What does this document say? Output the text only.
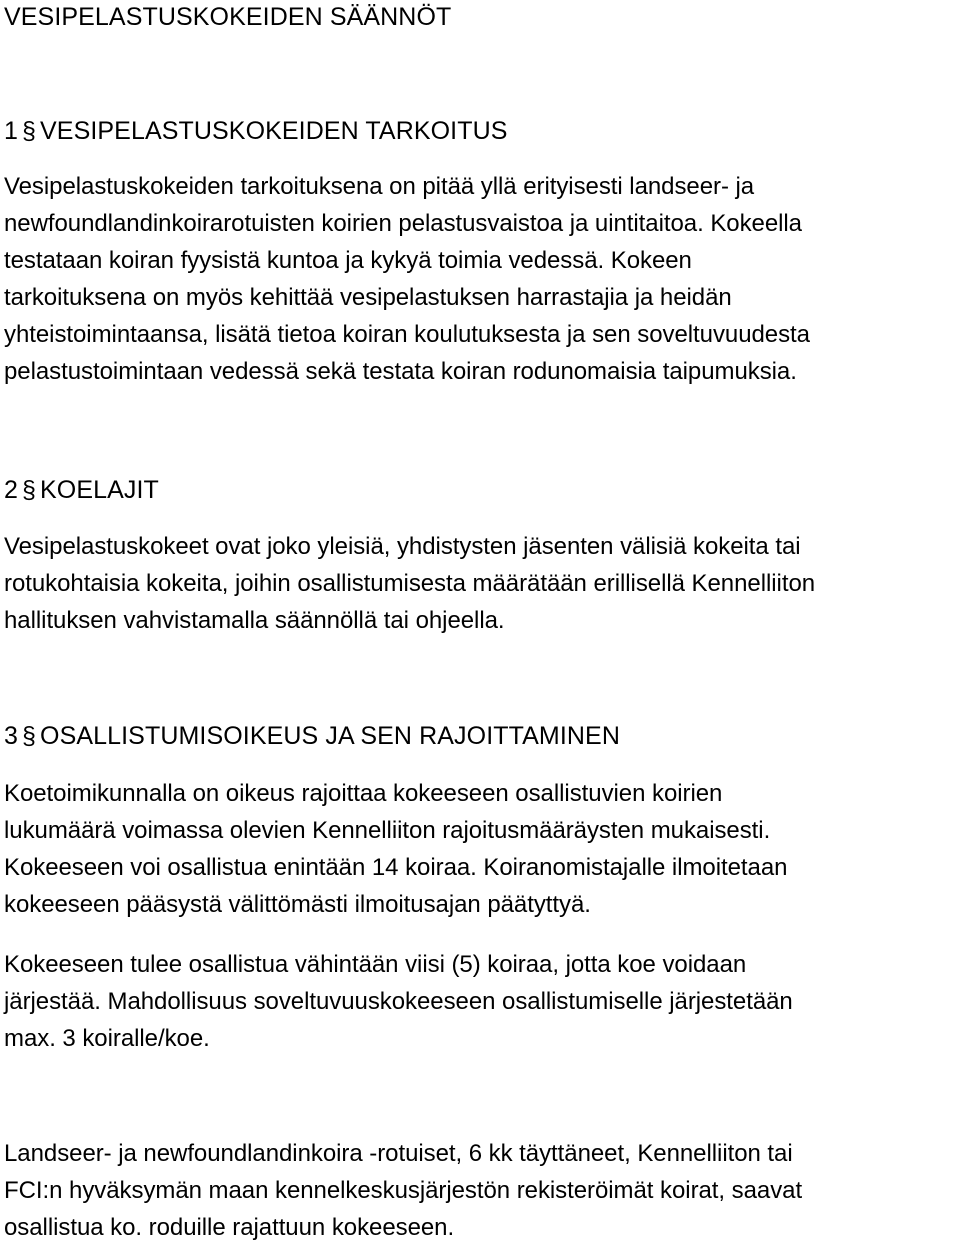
VESIPELASTUSKOKEIDEN SÄÄNNÖT
1 § VESIPELASTUSKOKEIDEN TARKOITUS

Vesipelastuskokeiden tarkoituksena on pitää yllä erityisesti landseer- ja
newfoundlandinkoirarotuisten koirien pelastusvaistoa ja uintitaitoa. Kokeella
testataan koiran fyysistä kuntoa ja kykyä toimia vedessä. Kokeen
tarkoituksena on myös kehittää vesipelastuksen harrastajia ja heidän
yhteistoimintaansa, lisätä tietoa koiran koulutuksesta ja sen soveltuvuudesta
pelastustoimintaan vedessä sekä testata koiran rodunomaisia taipumuksia.

2 § KOELAJIT

Vesipelastuskokeet ovat joko yleisiä, yhdistysten jäsenten välisiä kokeita tai
rotukohtaisia kokeita, joihin osallistumisesta määrätään erillisellä Kennelliiton
hallituksen vahvistamalla säännöllä tai ohjeella.

3 § OSALLISTUMISOIKEUS JA SEN RAJOITTAMINEN

Koetoimikunnalla on oikeus rajoittaa kokeeseen osallistuvien koirien
lukumäärä voimassa olevien Kennelliiton rajoitusmääräysten mukaisesti.
Kokeeseen voi osallistua enintään 14 koiraa. Koiranomistajalle ilmoitetaan
kokeeseen pääsystä välittömästi ilmoitusajan päätyttyä.

Kokeeseen tulee osallistua vähintään viisi (5) koiraa, jotta koe voidaan
järjestää. Mahdollisuus soveltuvuuskokeeseen osallistumiselle järjestetään
max. 3 koiralle/koe.

Landseer- ja newfoundlandinkoira -rotuiset, 6 kk täyttäneet, Kennelliiton tai
FCI:n hyväksymän maan kennelkeskusjärjestön rekisteröimät koirat, saavat
osallistua ko. roduille rajattuun kokeeseen.
